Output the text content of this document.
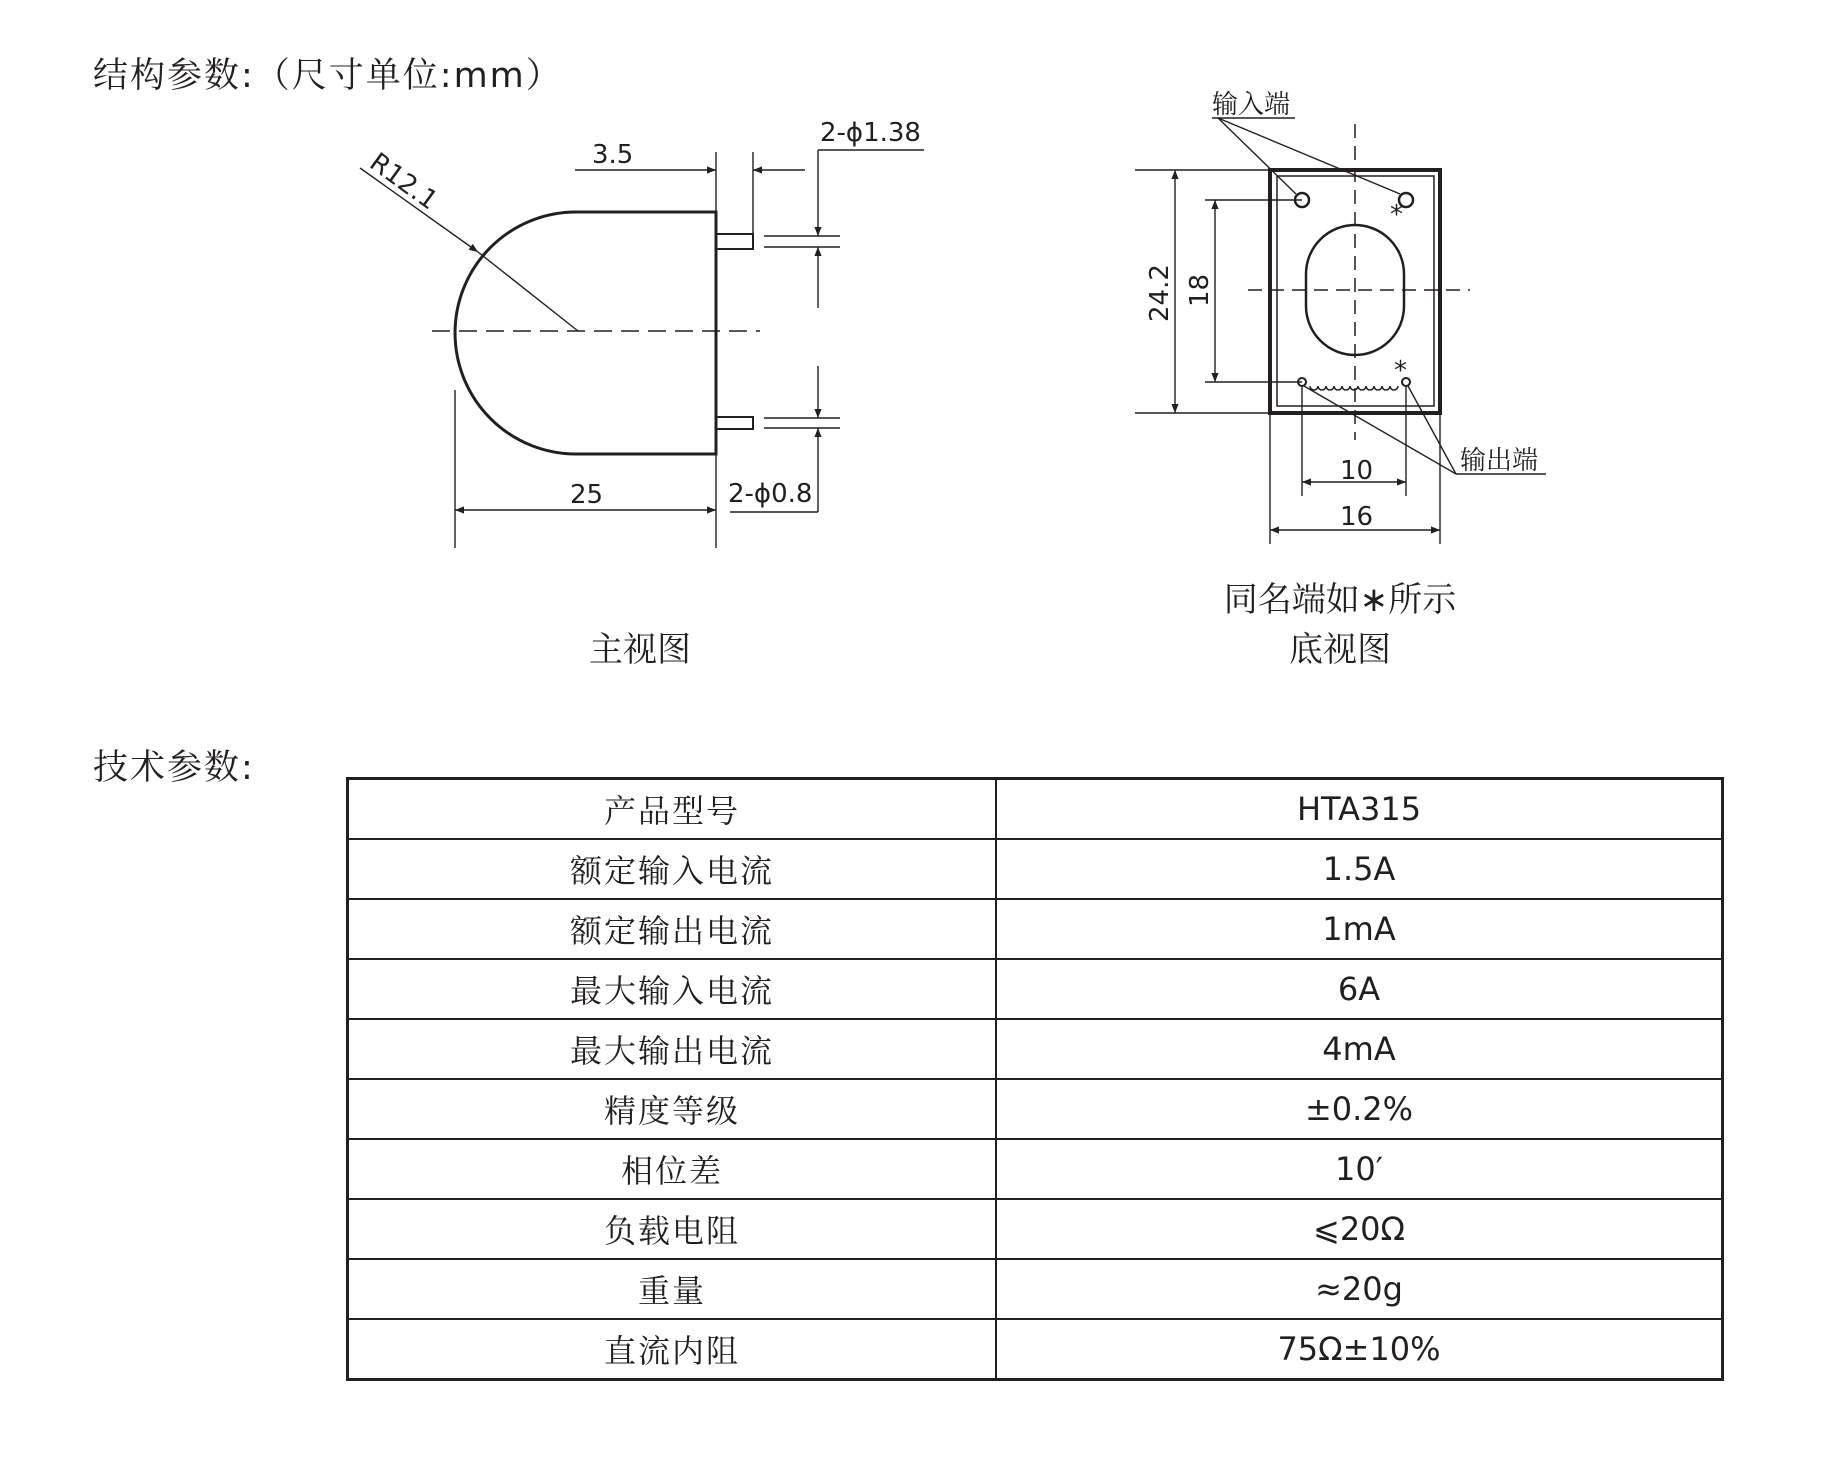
结构参数:（尺寸单位:mm）
R12.1	3.5
2-ϕ1.38
25	2-ϕ0.8
输入端
输出端
*
*
24.2 18
10
16
主视图
同名端如∗所示
底视图
技术参数:
产品型号	HTA315
额定输入电流	1.5A
额定输出电流	1mA
最大输入电流	6A
最大输出电流	4mA
精度等级	±0.2%
相位差	10′
负载电阻	⩽20Ω
重量	≈20g
直流内阻	75Ω±10%
